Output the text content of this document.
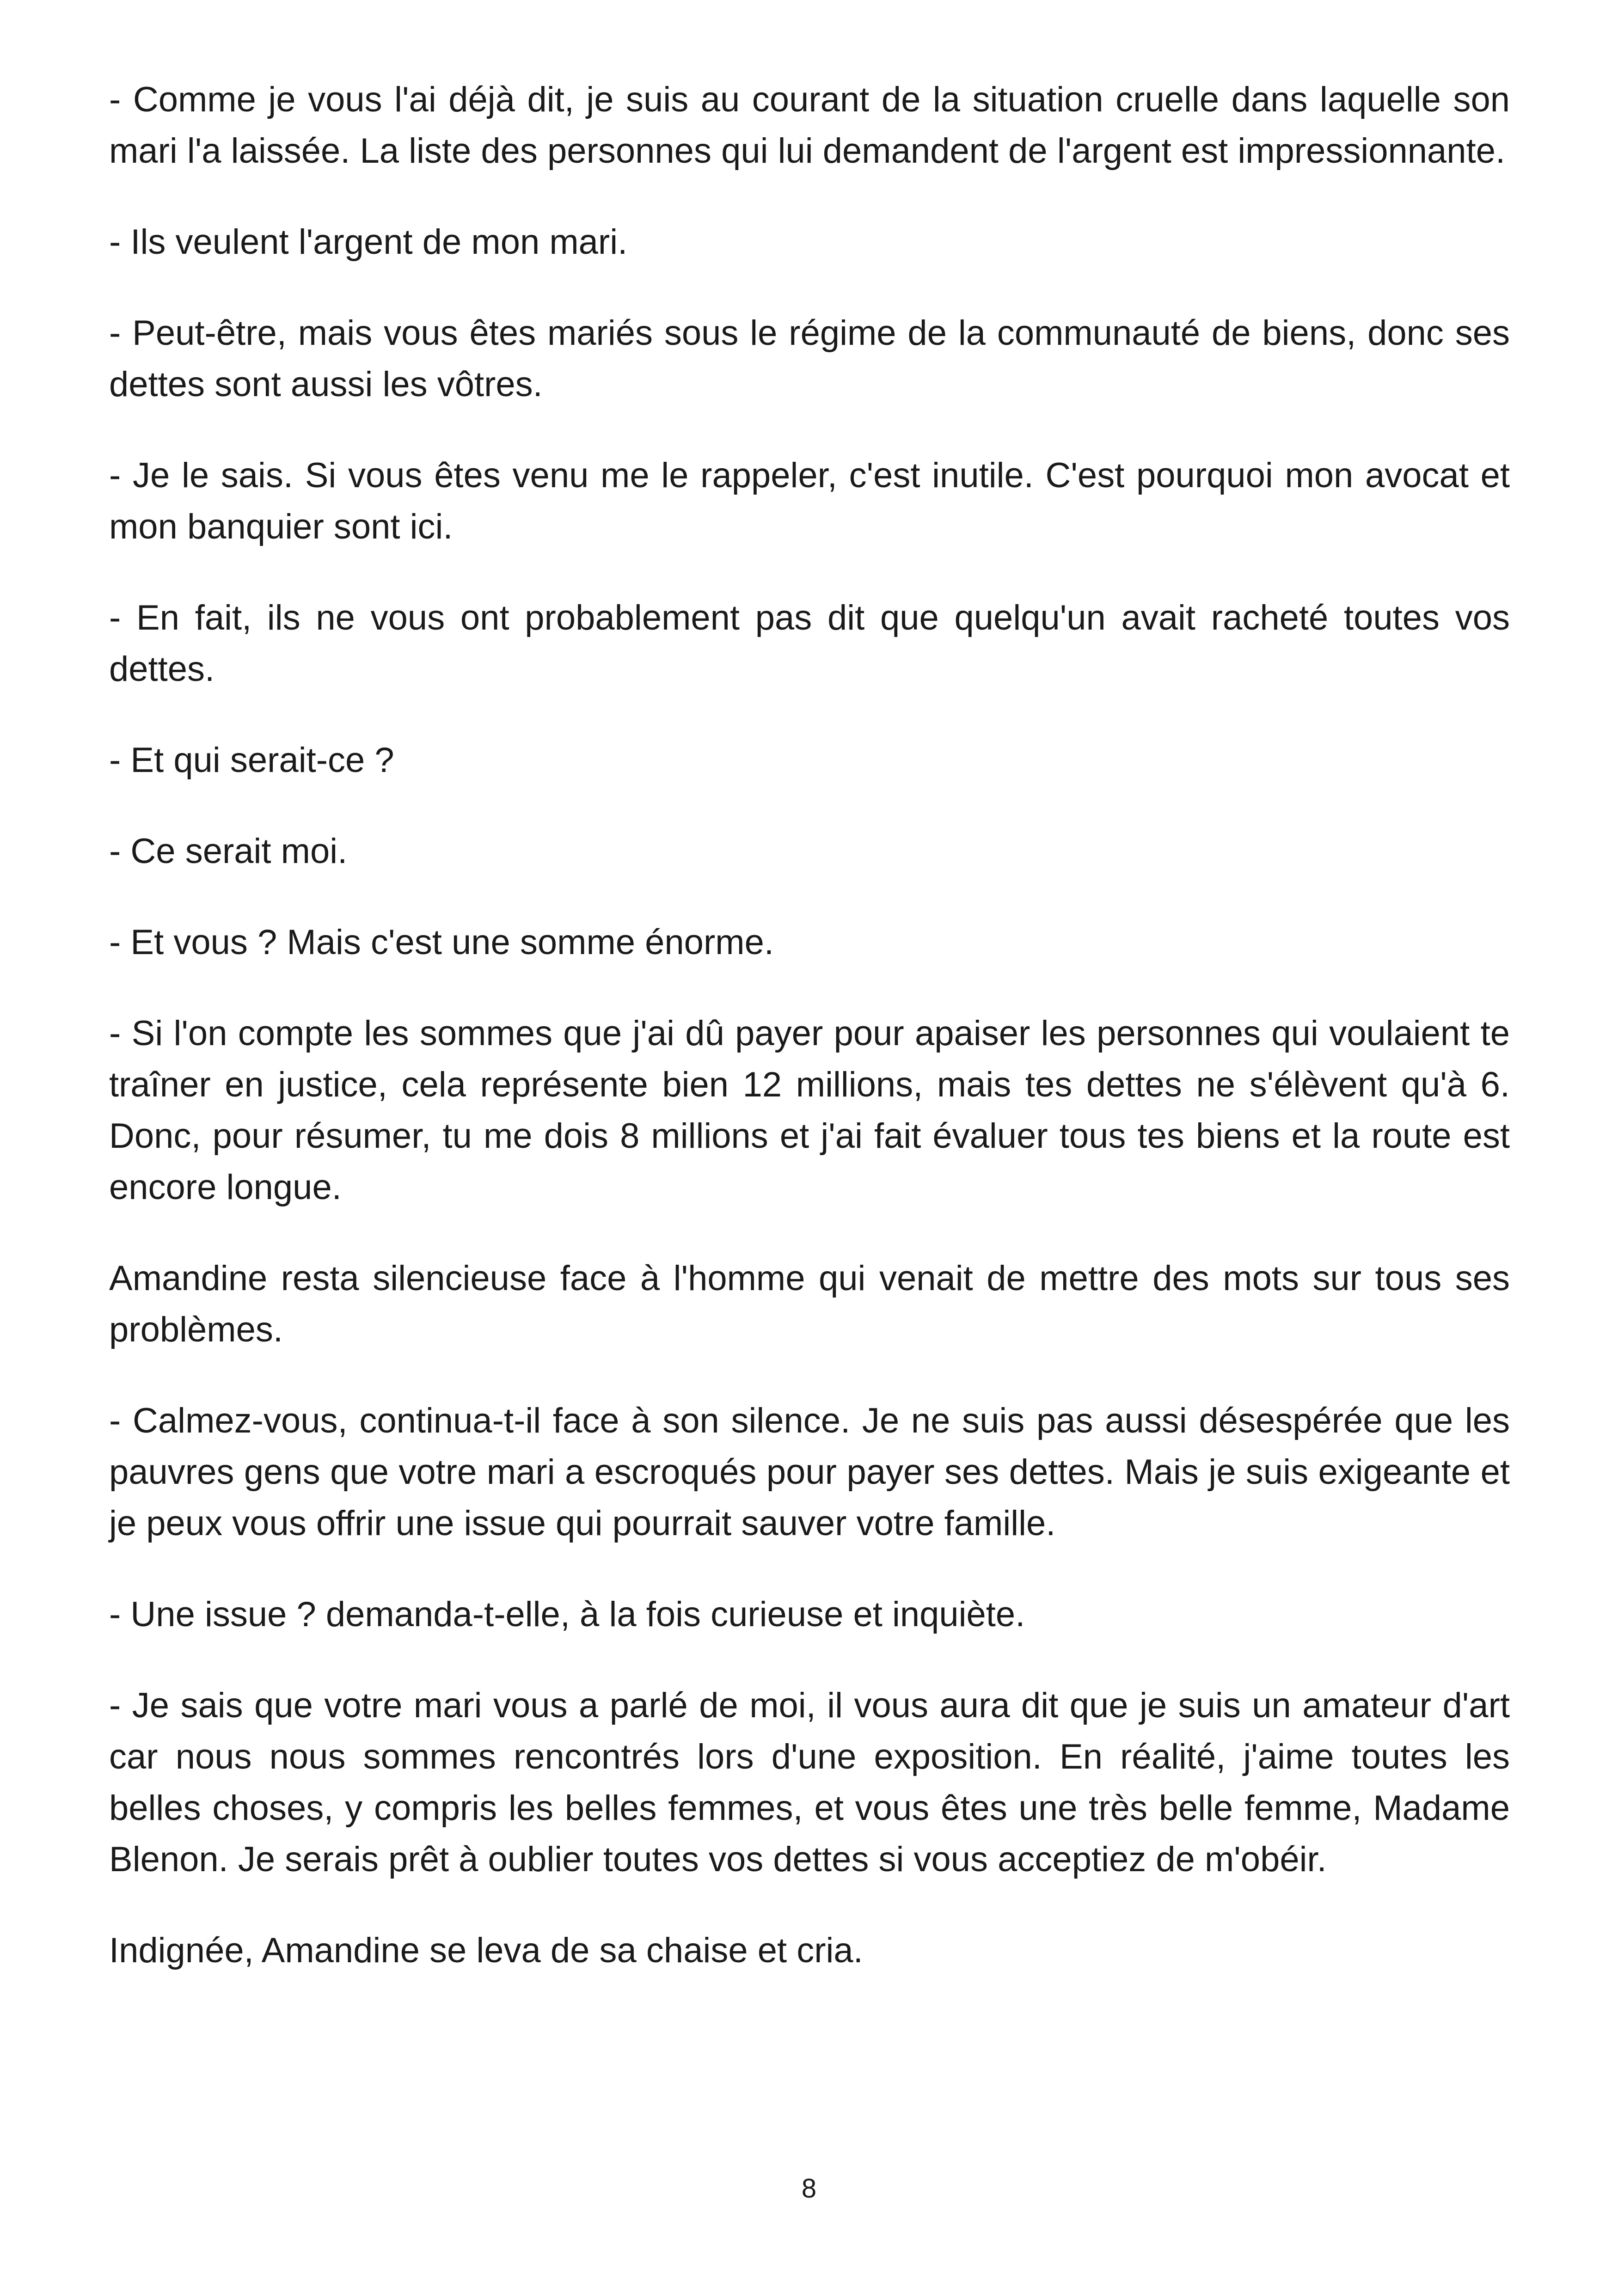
- Comme je vous l'ai déjà dit, je suis au courant de la situation cruelle dans laquelle son mari l'a laissée. La liste des personnes qui lui demandent de l'argent est impressionnante.

- Ils veulent l'argent de mon mari.

- Peut-être, mais vous êtes mariés sous le régime de la communauté de biens, donc ses dettes sont aussi les vôtres.

- Je le sais. Si vous êtes venu me le rappeler, c'est inutile. C'est pourquoi mon avocat et mon banquier sont ici.

- En fait, ils ne vous ont probablement pas dit que quelqu'un avait racheté toutes vos dettes.

- Et qui serait-ce ?

- Ce serait moi.

- Et vous ? Mais c'est une somme énorme.

- Si l'on compte les sommes que j'ai dû payer pour apaiser les personnes qui voulaient te traîner en justice, cela représente bien 12 millions, mais tes dettes ne s'élèvent qu'à 6. Donc, pour résumer, tu me dois 8 millions et j'ai fait évaluer tous tes biens et la route est encore longue.

Amandine resta silencieuse face à l'homme qui venait de mettre des mots sur tous ses problèmes.

- Calmez-vous, continua-t-il face à son silence. Je ne suis pas aussi désespérée que les pauvres gens que votre mari a escroqués pour payer ses dettes. Mais je suis exigeante et je peux vous offrir une issue qui pourrait sauver votre famille.

- Une issue ? demanda-t-elle, à la fois curieuse et inquiète.

- Je sais que votre mari vous a parlé de moi, il vous aura dit que je suis un amateur d'art car nous nous sommes rencontrés lors d'une exposition. En réalité, j'aime toutes les belles choses, y compris les belles femmes, et vous êtes une très belle femme, Madame Blenon. Je serais prêt à oublier toutes vos dettes si vous acceptiez de m'obéir.

Indignée, Amandine se leva de sa chaise et cria.

8
